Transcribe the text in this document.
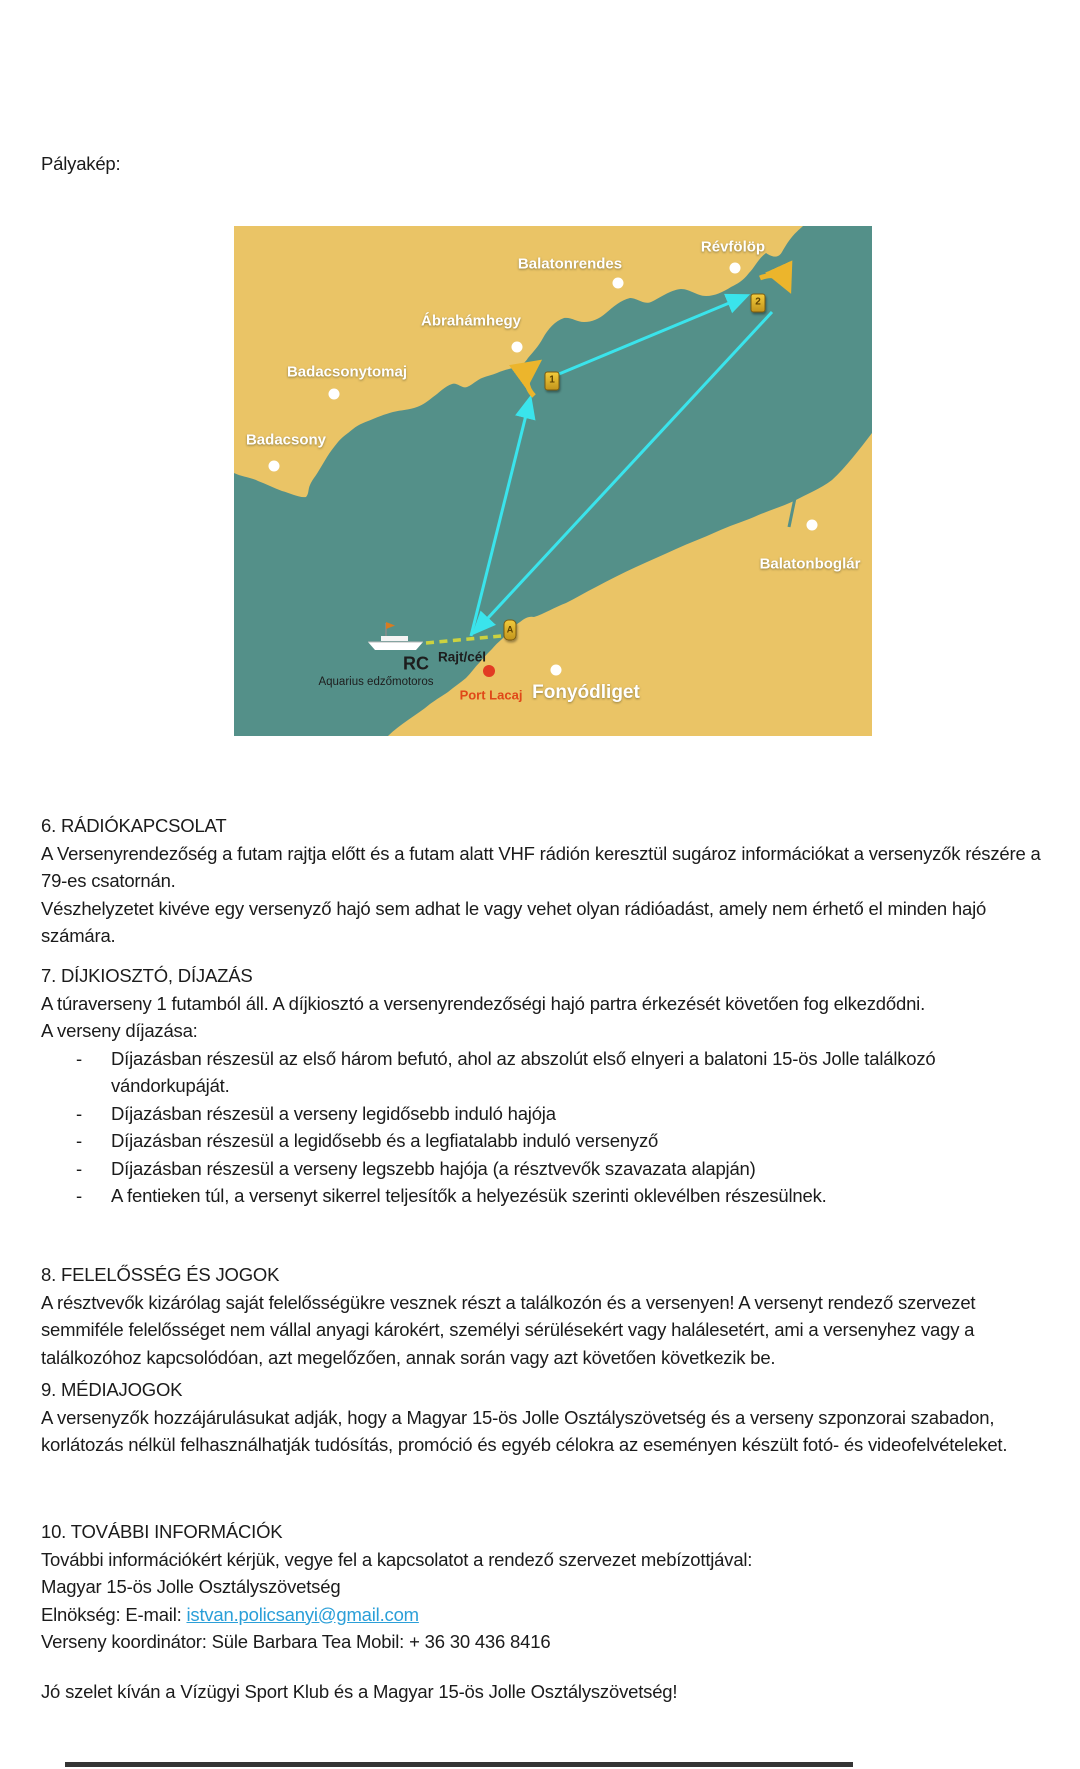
Pályakép:
Balatonrendes
Révfölöp
Ábrahámhegy
Badacsonytomaj
Badacsony
Balatonboglár
Fonyódliget
Port Lacaj
RC
Aquarius edzőmotoros
Rajt/cél
1
2
A
6. RÁDIÓKAPCSOLAT

A Versenyrendezőség a futam rajtja előtt és a futam alatt VHF rádión keresztül sugároz információkat a versenyzők részére a 79-es csatornán.

Vészhelyzetet kivéve egy versenyző hajó sem adhat le vagy vehet olyan rádióadást, amely nem érhető el minden hajó számára.

7. DÍJKIOSZTÓ, DÍJAZÁS

A túraverseny 1 futamból áll. A díjkiosztó a versenyrendezőségi hajó partra érkezését követően fog elkezdődni.

A verseny díjazása:

-	Díjazásban részesül az első három befutó, ahol az abszolút első elnyeri a balatoni 15-ös Jolle találkozó vándorkupáját.
-	Díjazásban részesül a verseny legidősebb induló hajója
-	Díjazásban részesül a legidősebb és a legfiatalabb induló versenyző
-	Díjazásban részesül a verseny legszebb hajója (a résztvevők szavazata alapján)
-	A fentieken túl, a versenyt sikerrel teljesítők a helyezésük szerinti oklevélben részesülnek.
8. FELELŐSSÉG ÉS JOGOK

A résztvevők kizárólag saját felelősségükre vesznek részt a találkozón és a versenyen! A versenyt rendező szervezet semmiféle felelősséget nem vállal anyagi károkért, személyi sérülésekért vagy halálesetért, ami a versenyhez vagy a találkozóhoz kapcsolódóan, azt megelőzően, annak során vagy azt követően következik be.

9. MÉDIAJOGOK

A versenyzők hozzájárulásukat adják, hogy a Magyar 15-ös Jolle Osztályszövetség és a verseny szponzorai szabadon, korlátozás nélkül felhasználhatják tudósítás, promóció és egyéb célokra az eseményen készült fotó- és videofelvételeket.

10. TOVÁBBI INFORMÁCIÓK

További információkért kérjük, vegye fel a kapcsolatot a rendező szervezet mebízottjával:

Magyar 15-ös Jolle Osztályszövetség

Elnökség: E-mail: istvan.policsanyi@gmail.com

Verseny koordinátor: Süle Barbara Tea Mobil: + 36 30 436 8416

Jó szelet kíván a Vízügyi Sport Klub és a Magyar 15-ös Jolle Osztályszövetség!
